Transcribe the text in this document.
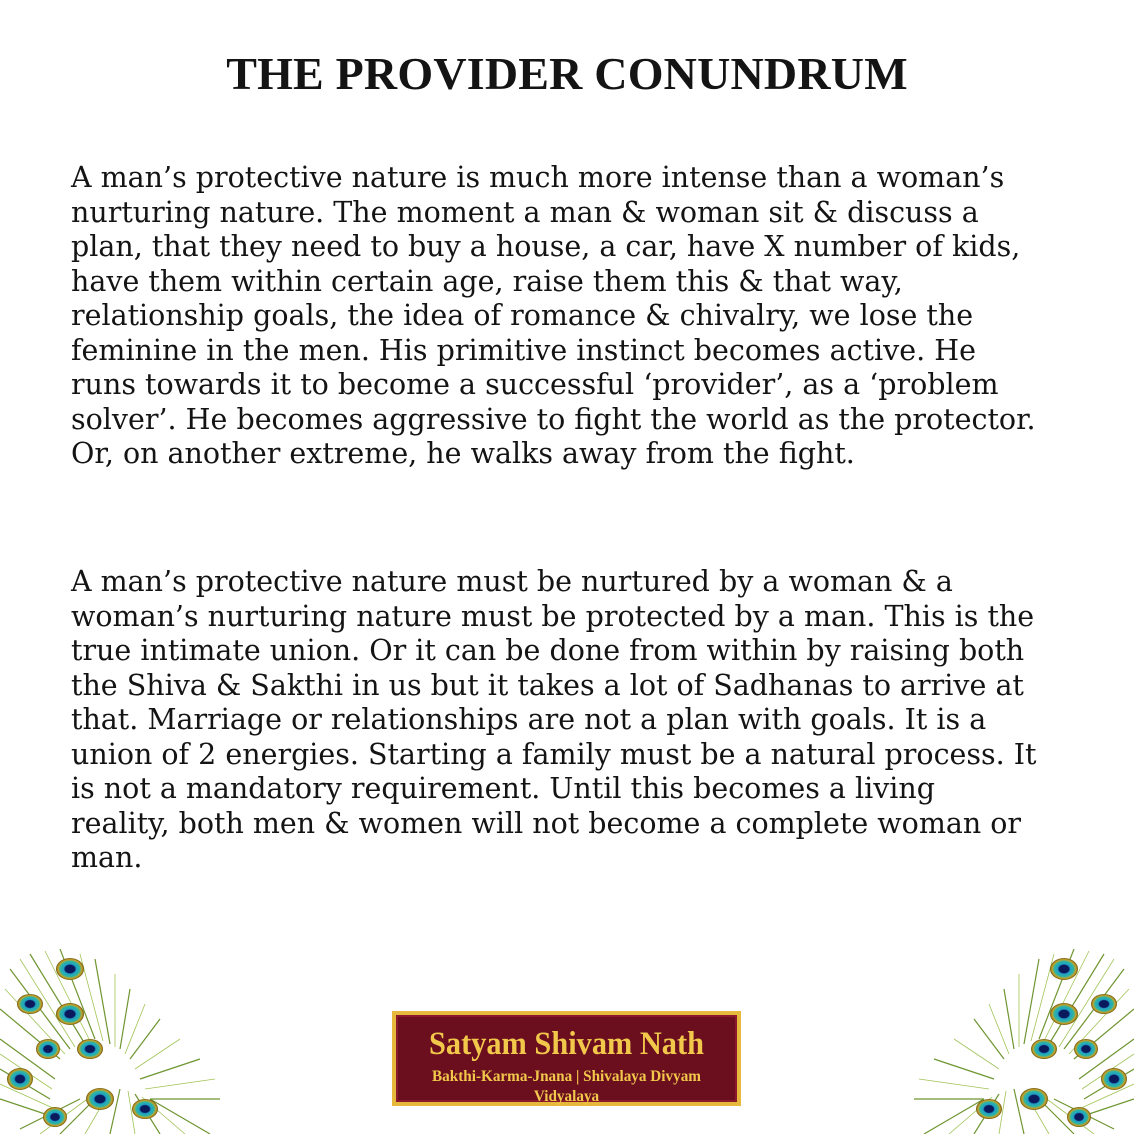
THE PROVIDER CONUNDRUM
A man’s protective nature is much more intense than a woman’s
nurturing nature. The moment a man & woman sit & discuss a
plan, that they need to buy a house, a car, have X number of kids,
have them within certain age, raise them this & that way,
relationship goals, the idea of romance & chivalry, we lose the
feminine in the men. His primitive instinct becomes active. He
runs towards it to become a successful ‘provider’, as a ‘problem
solver’. He becomes aggressive to fight the world as the protector.
Or, on another extreme, he walks away from the fight.
A man’s protective nature must be nurtured by a woman & a
woman’s nurturing nature must be protected by a man. This is the
true intimate union. Or it can be done from within by raising both
the Shiva & Sakthi in us but it takes a lot of Sadhanas to arrive at
that. Marriage or relationships are not a plan with goals. It is a
union of 2 energies. Starting a family must be a natural process. It
is not a mandatory requirement. Until this becomes a living
reality, both men & women will not become a complete woman or
man.
Satyam Shivam Nath
Bakthi-Karma-Jnana | Shivalaya Divyam Vidyalaya
